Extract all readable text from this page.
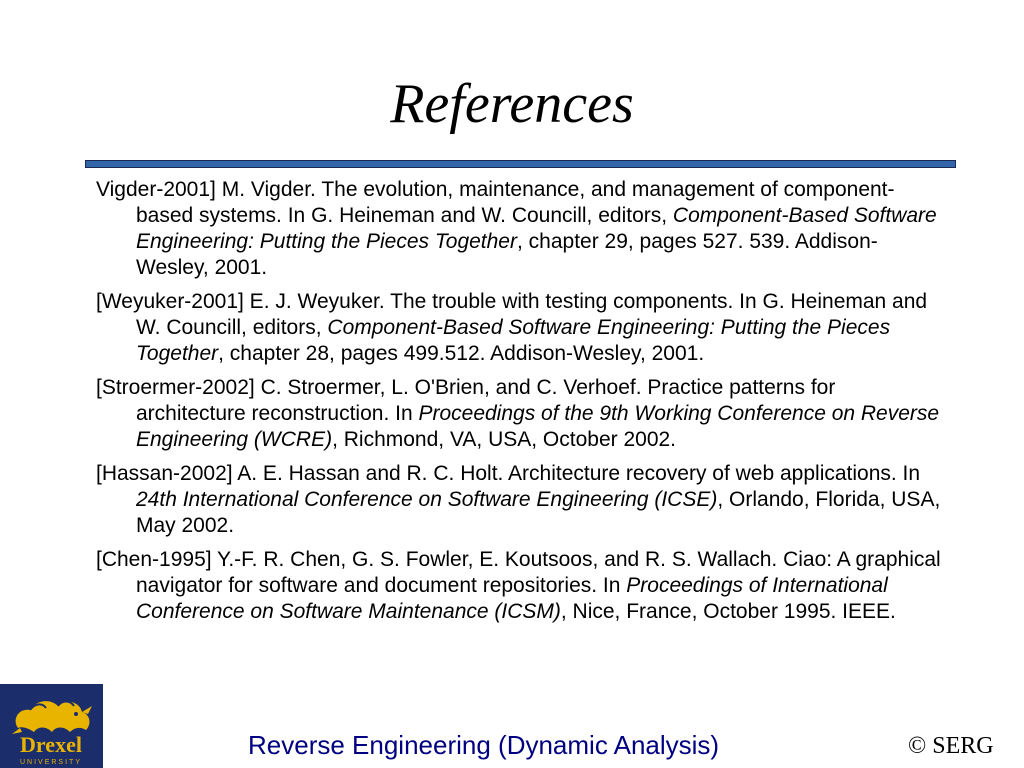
References

Vigder-2001] M. Vigder. The evolution, maintenance, and management of component-based systems. In G. Heineman and W. Councill, editors, Component-Based Software Engineering: Putting the Pieces Together, chapter 29, pages 527. 539. Addison-Wesley, 2001.

[Weyuker-2001] E. J. Weyuker. The trouble with testing components. In G. Heineman and W. Councill, editors, Component-Based Software Engineering: Putting the Pieces Together, chapter 28, pages 499.512. Addison-Wesley, 2001.

[Stroermer-2002] C. Stroermer, L. O'Brien, and C. Verhoef. Practice patterns for architecture reconstruction. In Proceedings of the 9th Working Conference on Reverse Engineering (WCRE), Richmond, VA, USA, October 2002.

[Hassan-2002] A. E. Hassan and R. C. Holt. Architecture recovery of web applications. In 24th International Conference on Software Engineering (ICSE), Orlando, Florida, USA, May 2002.

[Chen-1995] Y.-F. R. Chen, G. S. Fowler, E. Koutsoos, and R. S. Wallach. Ciao: A graphical navigator for software and document repositories. In Proceedings of International Conference on Software Maintenance (ICSM), Nice, France, October 1995. IEEE.

Drexel
UNIVERSITY
Reverse Engineering (Dynamic Analysis)	© SERG
